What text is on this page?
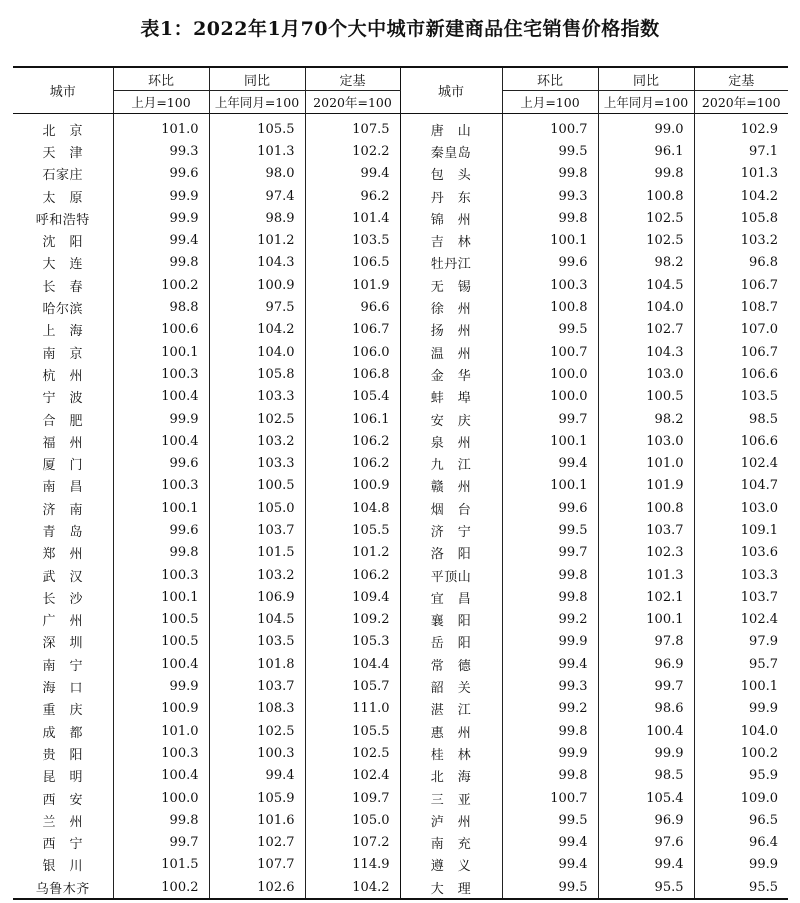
表1：2022年1月70个大中城市新建商品住宅销售价格指数
城市	环比	同比	定基	城市	环比	同比	定基
	上月=100	上年同月=100	2020年=100		上月=100	上年同月=100	2020年=100
北　京	101.0	105.5	107.5	唐　山	100.7	99.0	102.9
天　津	99.3	101.3	102.2	秦皇岛	99.5	96.1	97.1
石家庄	99.6	98.0	99.4	包　头	99.8	99.8	101.3
太　原	99.9	97.4	96.2	丹　东	99.3	100.8	104.2
呼和浩特	99.9	98.9	101.4	锦　州	99.8	102.5	105.8
沈　阳	99.4	101.2	103.5	吉　林	100.1	102.5	103.2
大　连	99.8	104.3	106.5	牡丹江	99.6	98.2	96.8
长　春	100.2	100.9	101.9	无　锡	100.3	104.5	106.7
哈尔滨	98.8	97.5	96.6	徐　州	100.8	104.0	108.7
上　海	100.6	104.2	106.7	扬　州	99.5	102.7	107.0
南　京	100.1	104.0	106.0	温　州	100.7	104.3	106.7
杭　州	100.3	105.8	106.8	金　华	100.0	103.0	106.6
宁　波	100.4	103.3	105.4	蚌　埠	100.0	100.5	103.5
合　肥	99.9	102.5	106.1	安　庆	99.7	98.2	98.5
福　州	100.4	103.2	106.2	泉　州	100.1	103.0	106.6
厦　门	99.6	103.3	106.2	九　江	99.4	101.0	102.4
南　昌	100.3	100.5	100.9	赣　州	100.1	101.9	104.7
济　南	100.1	105.0	104.8	烟　台	99.6	100.8	103.0
青　岛	99.6	103.7	105.5	济　宁	99.5	103.7	109.1
郑　州	99.8	101.5	101.2	洛　阳	99.7	102.3	103.6
武　汉	100.3	103.2	106.2	平顶山	99.8	101.3	103.3
长　沙	100.1	106.9	109.4	宜　昌	99.8	102.1	103.7
广　州	100.5	104.5	109.2	襄　阳	99.2	100.1	102.4
深　圳	100.5	103.5	105.3	岳　阳	99.9	97.8	97.9
南　宁	100.4	101.8	104.4	常　德	99.4	96.9	95.7
海　口	99.9	103.7	105.7	韶　关	99.3	99.7	100.1
重　庆	100.9	108.3	111.0	湛　江	99.2	98.6	99.9
成　都	101.0	102.5	105.5	惠　州	99.8	100.4	104.0
贵　阳	100.3	100.3	102.5	桂　林	99.9	99.9	100.2
昆　明	100.4	99.4	102.4	北　海	99.8	98.5	95.9
西　安	100.0	105.9	109.7	三　亚	100.7	105.4	109.0
兰　州	99.8	101.6	105.0	泸　州	99.5	96.9	96.5
西　宁	99.7	102.7	107.2	南　充	99.4	97.6	96.4
银　川	101.5	107.7	114.9	遵　义	99.4	99.4	99.9
乌鲁木齐	100.2	102.6	104.2	大　理	99.5	95.5	95.5
